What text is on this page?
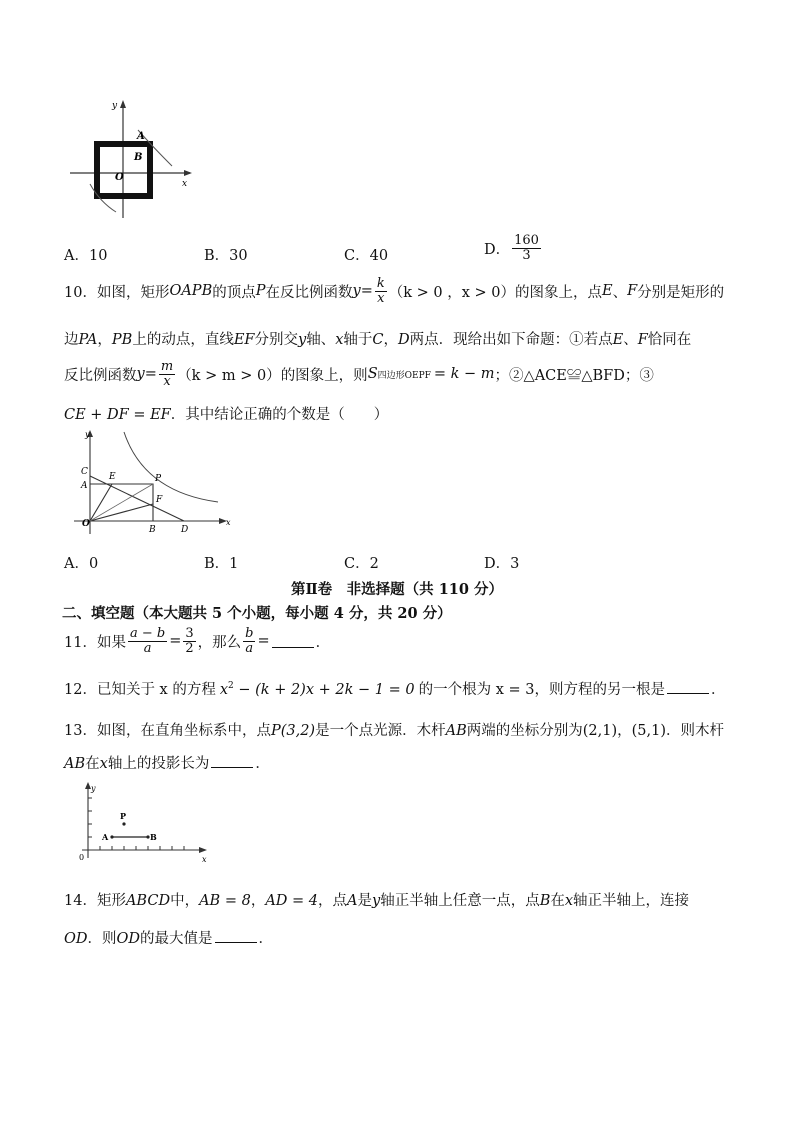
y
x
A
B
O
A．10	B．30	C．40	D． $\frac{160}{3}$
10．如图，矩形 OAPB 的顶点 P 在反比例函数 $y = \frac{k}{x} (k > 0$ ，x > 0） 的图象上，点 E 、 F 分别是矩形的
边PA，PB上的动点，直线EF分别交y轴、x轴于C，D两点．现给出如下命题：①若点E、F恰同在
反比例函数 $y = \frac{m}{x} (k > m > 0)$ 的图象上，则 S 四边形OEPF = k − m ；②△ACE≌△BFD；③
CE + DF = EF．其中结论正确的个数是（　　）
y
x
C
A
E	P
F
O
B	D
A．0	B．1	C．2	D．3
第Ⅱ卷　非选择题（共 110 分）
二、填空题（本大题共 5 个小题，每小题 4 分，共 20 分）
11．如果 $\frac{a - b}{a} = \frac{3}{2}$ ，那么 $\frac{b}{a}$ =	．
12．已知关于 x 的方程 $x^2 - (k + 2)x + 2k - 1 = 0$ 的一个根为 x = 3，则方程的另一根是	．
13．如图，在直角坐标系中，点P(3,2)是一个点光源．木杆AB两端的坐标分别为(2,1)，(5,1)．则木杆
AB在x轴上的投影长为	．
y
x
0
P
A	B
14．矩形ABCD中，AB = 8，AD = 4，点A是y轴正半轴上任意一点，点B在x轴正半轴上，连接
OD．则OD的最大值是	．
